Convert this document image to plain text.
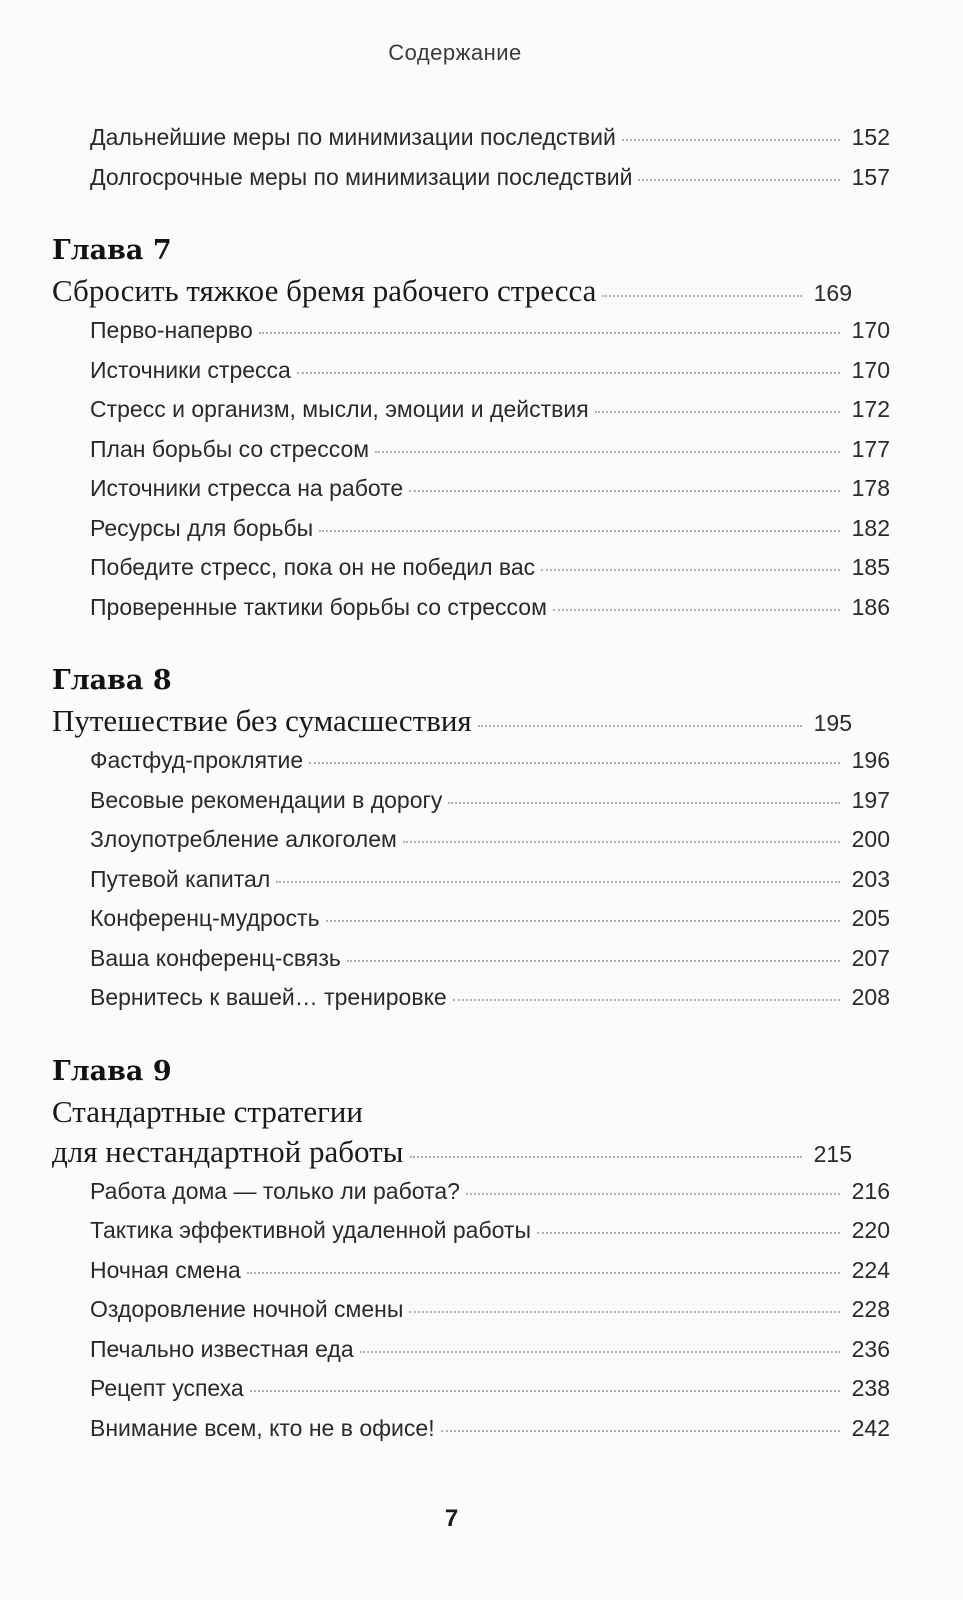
Содержание
Дальнейшие меры по минимизации последствий	152
Долгосрочные меры по минимизации последствий	157
Глава 7
Сбросить тяжкое бремя рабочего стресса	169
Перво-наперво	170
Источники стресса	170
Стресс и организм, мысли, эмоции и действия	172
План борьбы со стрессом	177
Источники стресса на работе	178
Ресурсы для борьбы	182
Победите стресс, пока он не победил вас	185
Проверенные тактики борьбы со стрессом	186
Глава 8
Путешествие без сумасшествия	195
Фастфуд-проклятие	196
Весовые рекомендации в дорогу	197
Злоупотребление алкоголем	200
Путевой капитал	203
Конференц-мудрость	205
Ваша конференц-связь	207
Вернитесь к вашей… тренировке	208
Глава 9
Стандартные стратегии
для нестандартной работы	215
Работа дома — только ли работа?	216
Тактика эффективной удаленной работы	220
Ночная смена	224
Оздоровление ночной смены	228
Печально известная еда	236
Рецепт успеха	238
Внимание всем, кто не в офисе!	242
7
